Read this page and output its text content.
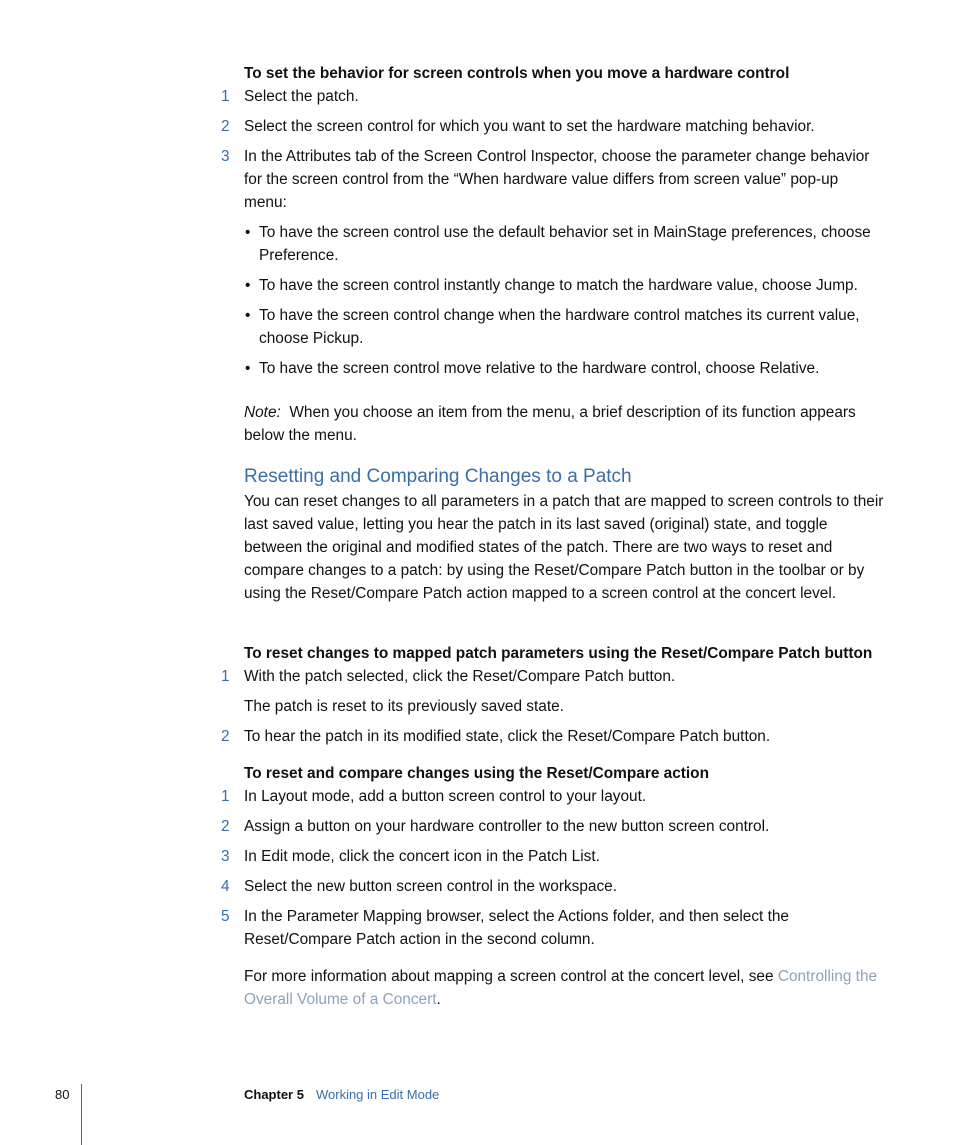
To set the behavior for screen controls when you move a hardware control
1 Select the patch.
2 Select the screen control for which you want to set the hardware matching behavior.
3 In the Attributes tab of the Screen Control Inspector, choose the parameter change behavior for the screen control from the “When hardware value differs from screen value” pop-up menu:
• To have the screen control use the default behavior set in MainStage preferences, choose Preference.
• To have the screen control instantly change to match the hardware value, choose Jump.
• To have the screen control change when the hardware control matches its current value, choose Pickup.
• To have the screen control move relative to the hardware control, choose Relative.
Note: When you choose an item from the menu, a brief description of its function appears below the menu.
Resetting and Comparing Changes to a Patch
You can reset changes to all parameters in a patch that are mapped to screen controls to their last saved value, letting you hear the patch in its last saved (original) state, and toggle between the original and modified states of the patch. There are two ways to reset and compare changes to a patch: by using the Reset/Compare Patch button in the toolbar or by using the Reset/Compare Patch action mapped to a screen control at the concert level.
To reset changes to mapped patch parameters using the Reset/Compare Patch button
1 With the patch selected, click the Reset/Compare Patch button.
The patch is reset to its previously saved state.
2 To hear the patch in its modified state, click the Reset/Compare Patch button.
To reset and compare changes using the Reset/Compare action
1 In Layout mode, add a button screen control to your layout.
2 Assign a button on your hardware controller to the new button screen control.
3 In Edit mode, click the concert icon in the Patch List.
4 Select the new button screen control in the workspace.
5 In the Parameter Mapping browser, select the Actions folder, and then select the Reset/Compare Patch action in the second column.
For more information about mapping a screen control at the concert level, see Controlling the Overall Volume of a Concert.
80	Chapter 5 Working in Edit Mode
